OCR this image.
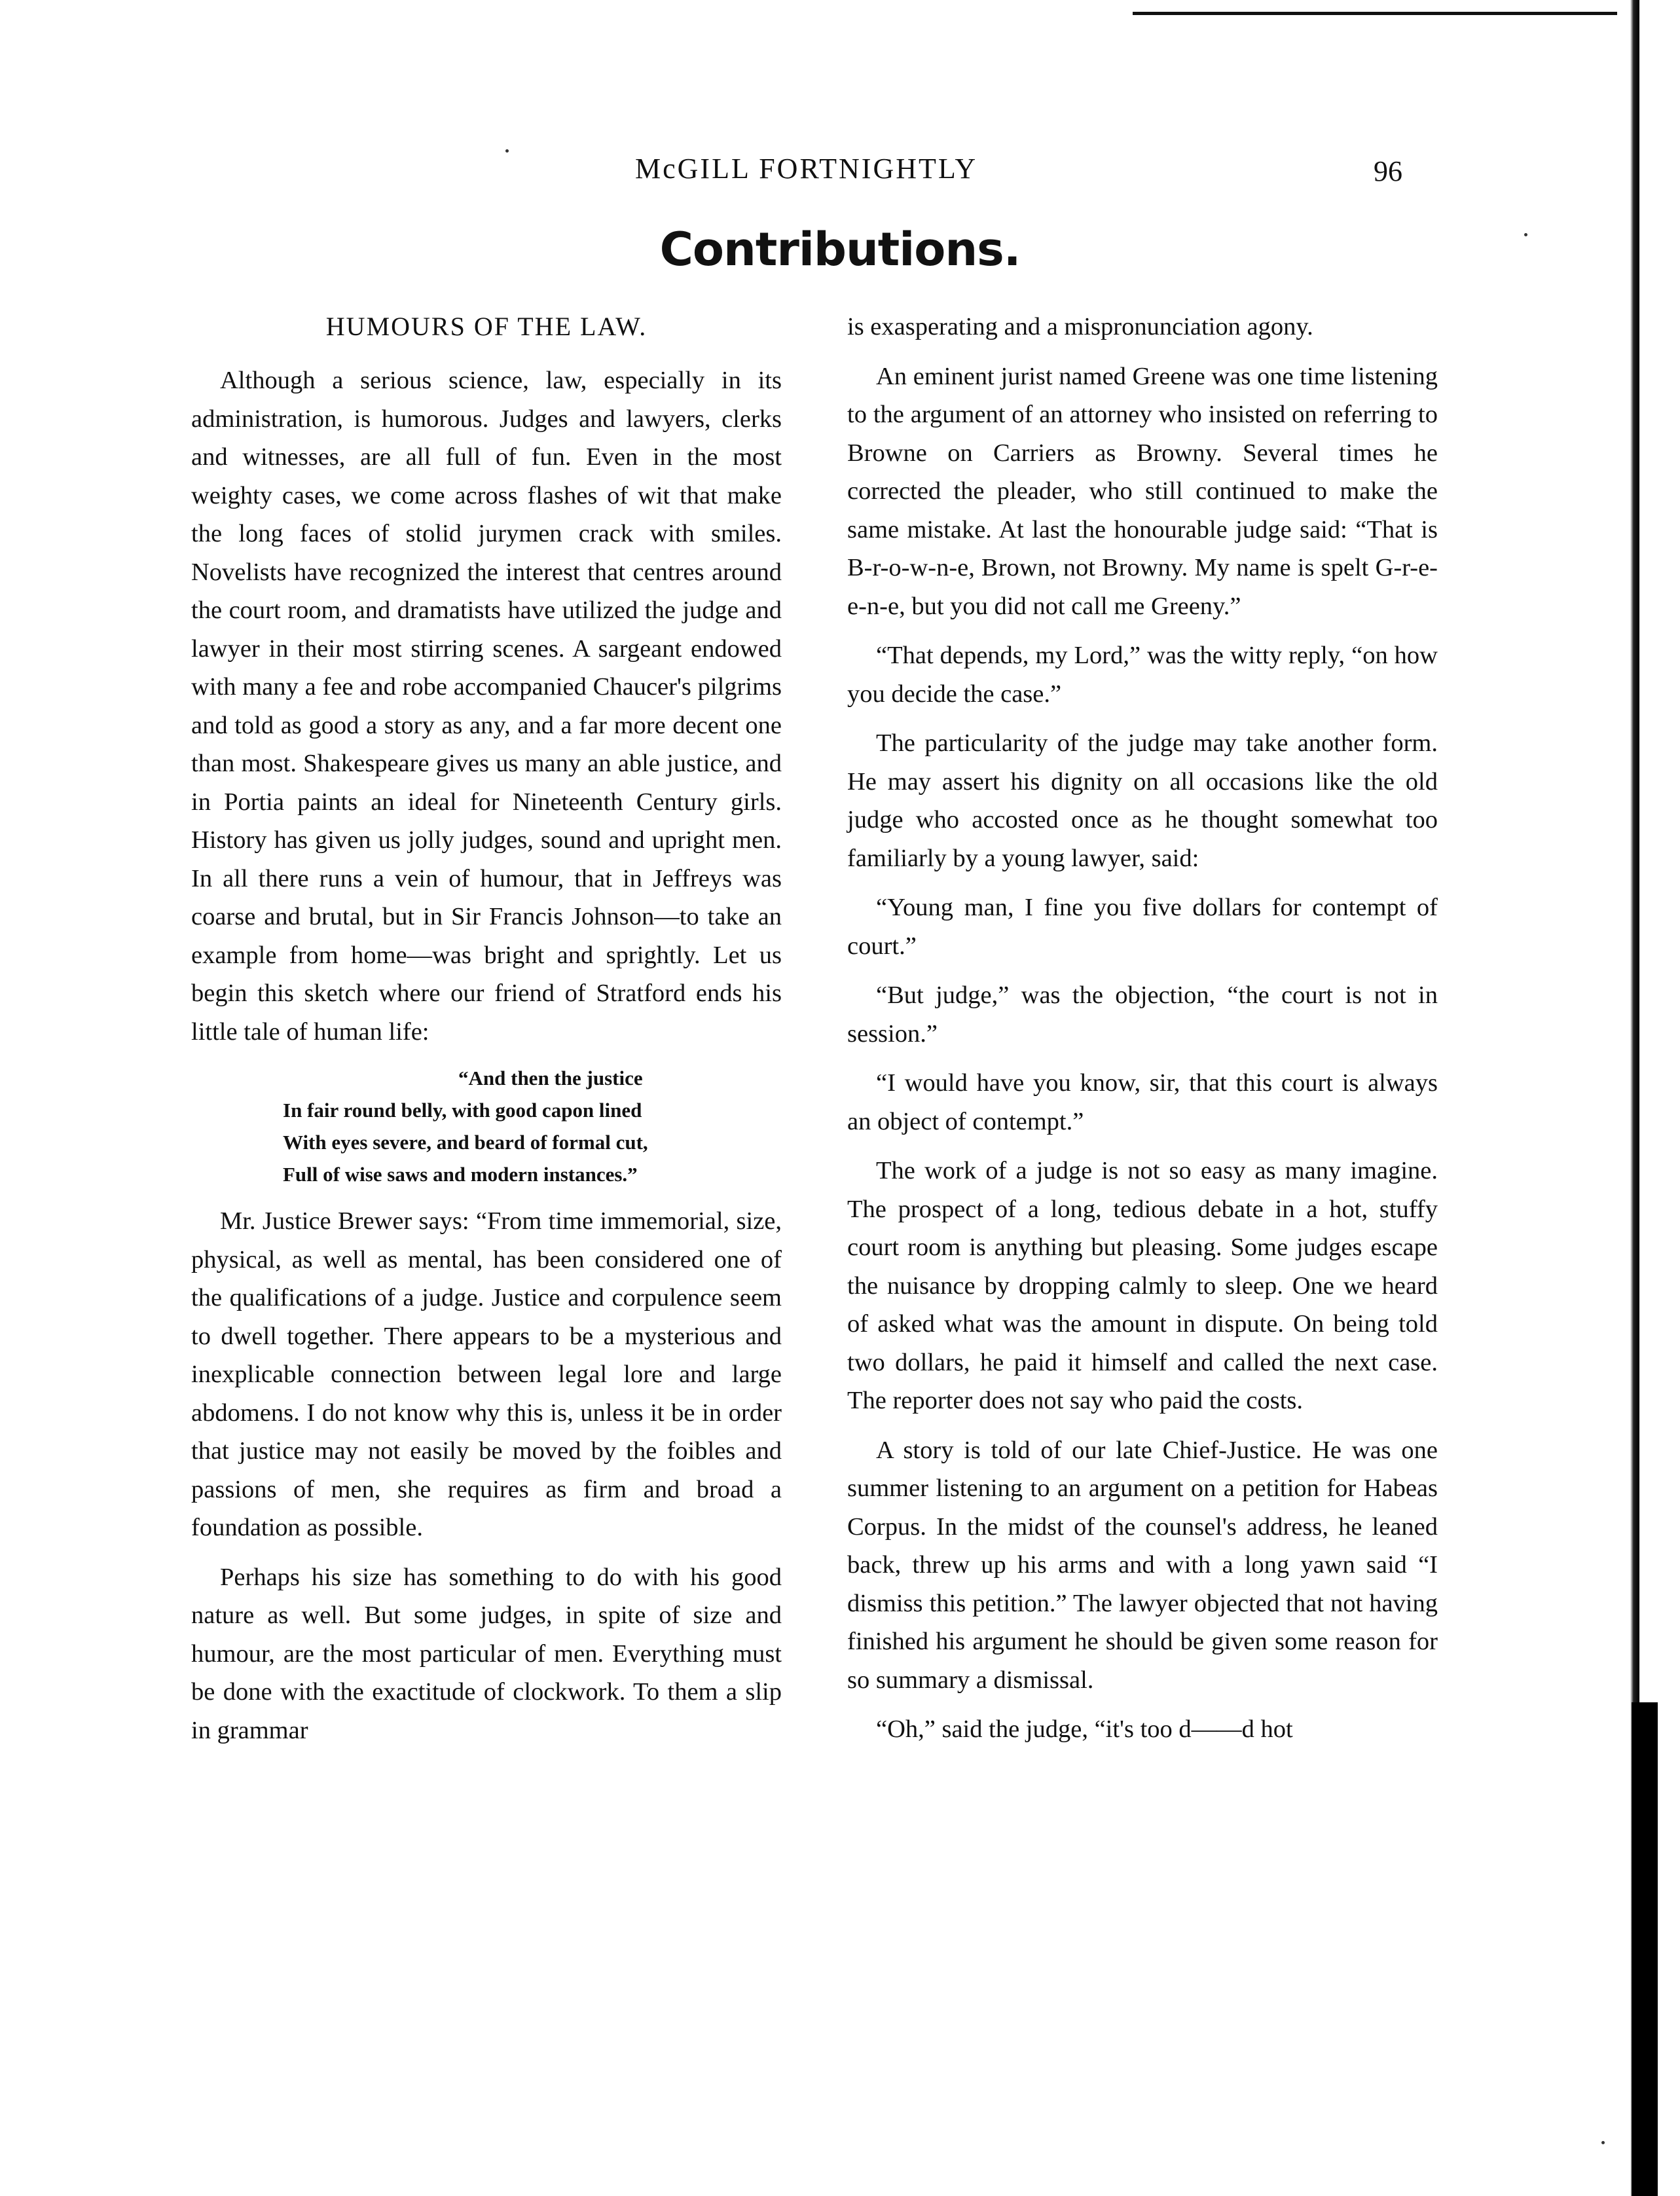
McGILL FORTNIGHTLY	96
Contributions.
HUMOURS OF THE LAW.

Although a serious science, law, especially in its administration, is humorous. Judges and lawyers, clerks and witnesses, are all full of fun. Even in the most weighty cases, we come across flashes of wit that make the long faces of stolid jurymen crack with smiles. Novelists have recognized the interest that centres around the court room, and dramatists have utilized the judge and lawyer in their most stirring scenes. A sargeant endowed with many a fee and robe accompanied Chaucer's pilgrims and told as good a story as any, and a far more decent one than most. Shakespeare gives us many an able justice, and in Portia paints an ideal for Nineteenth Century girls. History has given us jolly judges, sound and upright men. In all there runs a vein of humour, that in Jeffreys was coarse and brutal, but in Sir Francis Johnson—to take an example from home—was bright and sprightly. Let us begin this sketch where our friend of Stratford ends his little tale of human life:

“And then the justice
In fair round belly, with good capon lined
With eyes severe, and beard of formal cut,
Full of wise saws and modern instances.”

Mr. Justice Brewer says: “From time immemorial, size, physical, as well as mental, has been considered one of the qualifications of a judge. Justice and corpulence seem to dwell together. There appears to be a mysterious and inexplicable connection between legal lore and large abdomens. I do not know why this is, unless it be in order that justice may not easily be moved by the foibles and passions of men, she requires as firm and broad a foundation as possible.

Perhaps his size has something to do with his good nature as well. But some judges, in spite of size and humour, are the most particular of men. Everything must be done with the exactitude of clockwork. To them a slip in grammar

is exasperating and a mispronunciation agony.

An eminent jurist named Greene was one time listening to the argument of an attorney who insisted on referring to Browne on Carriers as Browny. Several times he corrected the pleader, who still continued to make the same mistake. At last the honourable judge said: “That is B-r-o-w-n-e, Brown, not Browny. My name is spelt G-r-e-e-n-e, but you did not call me Greeny.”

“That depends, my Lord,” was the witty reply, “on how you decide the case.”

The particularity of the judge may take another form. He may assert his dignity on all occasions like the old judge who accosted once as he thought somewhat too familiarly by a young lawyer, said:

“Young man, I fine you five dollars for contempt of court.”

“But judge,” was the objection, “the court is not in session.”

“I would have you know, sir, that this court is always an object of contempt.”

The work of a judge is not so easy as many imagine. The prospect of a long, tedious debate in a hot, stuffy court room is anything but pleasing. Some judges escape the nuisance by dropping calmly to sleep. One we heard of asked what was the amount in dispute. On being told two dollars, he paid it himself and called the next case. The reporter does not say who paid the costs.

A story is told of our late Chief-Justice. He was one summer listening to an argument on a petition for Habeas Corpus. In the midst of the counsel's address, he leaned back, threw up his arms and with a long yawn said “I dismiss this petition.” The lawyer objected that not having finished his argument he should be given some reason for so summary a dismissal.

“Oh,” said the judge, “it's too d——d hot
